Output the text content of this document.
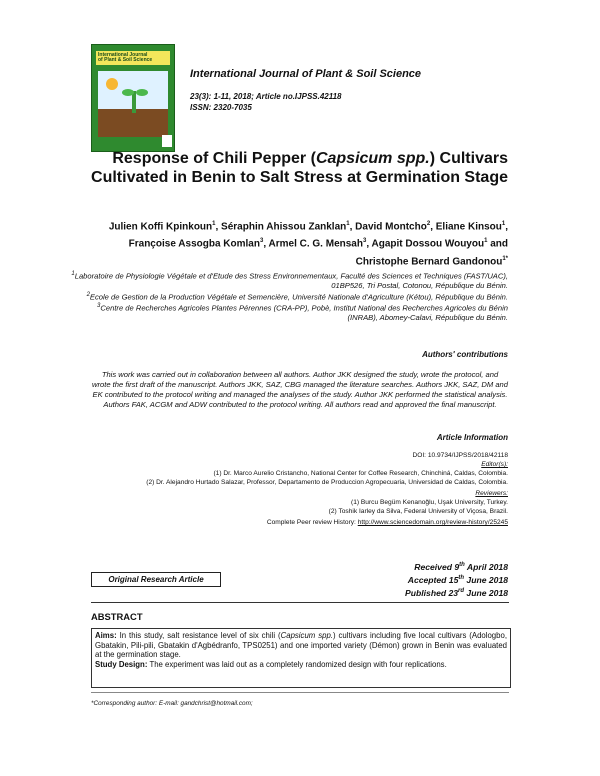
International Journal
of Plant & Soil Science
International Journal of Plant & Soil Science
23(3): 1-11, 2018; Article no.IJPSS.42118
ISSN: 2320-7035
Response of Chili Pepper (Capsicum spp.) Cultivars Cultivated in Benin to Salt Stress at Germination Stage
Julien Koffi Kpinkoun$^1$, Séraphin Ahissou Zanklan$^1$, David Montcho$^2$, Eliane Kinsou$^1$, Françoise Assogba Komlan$^3$, Armel C. G. Mensah$^3$, Agapit Dossou Wouyou$^1$ and Christophe Bernard Gandonou$^{1*}$

$^1$Laboratoire de Physiologie Végétale et d'Etude des Stress Environnementaux, Faculté des Sciences et Techniques (FAST/UAC), 01BP526, Tri Postal, Cotonou, République du Bénin.

$^2$Ecole de Gestion de la Production Végétale et Semencière, Université Nationale d'Agriculture (Kétou), République du Bénin.

$^3$Centre de Recherches Agricoles Plantes Pérennes (CRA-PP), Pobè, Institut National des Recherches Agricoles du Bénin (INRAB), Abomey-Calavi, République du Bénin.

Authors' contributions
This work was carried out in collaboration between all authors. Author JKK designed the study, wrote the protocol, and wrote the first draft of the manuscript. Authors JKK, SAZ, CBG managed the literature searches. Authors JKK, SAZ, DM and EK contributed to the protocol writing and managed the analyses of the study. Author JKK performed the statistical analysis. Authors FAK, ACGM and ADW contributed to the protocol writing. All authors read and approved the final manuscript.
Article Information
DOI: 10.9734/IJPSS/2018/42118
Editor(s):
(1) Dr. Marco Aurelio Cristancho, National Center for Coffee Research, Chinchiná, Caldas, Colombia.
(2) Dr. Alejandro Hurtado Salazar, Professor, Departamento de Produccion Agropecuaria, Universidad de Caldas, Colombia.
Reviewers:
(1) Burcu Begüm Kenanoğlu, Uşak University, Turkey.
(2) Toshik Iarley da Silva, Federal University of Viçosa, Brazil.
Complete Peer review History: http://www.sciencedomain.org/review-history/25245
Received 9th April 2018
Accepted 15th June 2018
Published 23rd June 2018
Original Research Article
ABSTRACT
Aims: In this study, salt resistance level of six chili (Capsicum spp.) cultivars including five local cultivars (Adologbo, Gbatakin, Pili-pili, Gbatakin d'Agbédranfo, TPS0251) and one imported variety (Démon) grown in Benin was evaluated at the germination stage.
Study Design: The experiment was laid out as a completely randomized design with four replications.
*Corresponding author: E-mail: gandchrist@hotmail.com;
